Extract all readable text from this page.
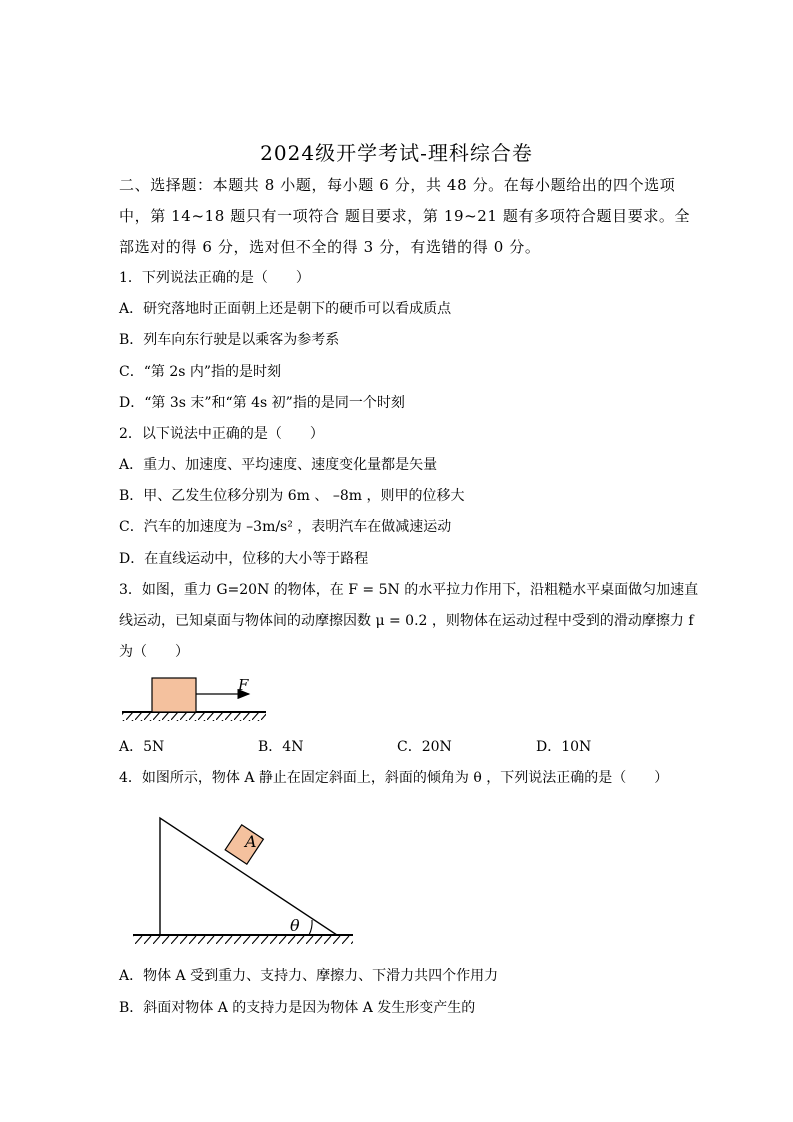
2024级开学考试-理科综合卷
二、选择题：本题共 8 小题，每小题 6 分，共 48 分。在每小题给出的四个选项
中，第 14~18 题只有一项符合 题目要求，第 19~21 题有多项符合题目要求。全
部选对的得 6 分，选对但不全的得 3 分，有选错的得 0 分。
1．下列说法正确的是（　　）
A．研究落地时正面朝上还是朝下的硬币可以看成质点
B．列车向东行驶是以乘客为参考系
C．“第 2s 内”指的是时刻
D．“第 3s 末”和“第 4s 初”指的是同一个时刻
2．以下说法中正确的是（　　）
A．重力、加速度、平均速度、速度变化量都是矢量
B．甲、乙发生位移分别为 6m 、 –8m ，则甲的位移大
C．汽车的加速度为 –3m/s² ，表明汽车在做减速运动
D．在直线运动中，位移的大小等于路程
3．如图，重力 G=20N 的物体，在 F = 5N 的水平拉力作用下，沿粗糙水平桌面做匀加速直
线运动，已知桌面与物体间的动摩擦因数 μ = 0.2 ，则物体在运动过程中受到的滑动摩擦力 f
为（　　）
F
A
θ
A．5N	B．4N	C．20N	D．10N
4．如图所示，物体 A 静止在固定斜面上，斜面的倾角为 θ ，下列说法正确的是（　　）
A．物体 A 受到重力、支持力、摩擦力、下滑力共四个作用力
B．斜面对物体 A 的支持力是因为物体 A 发生形变产生的
